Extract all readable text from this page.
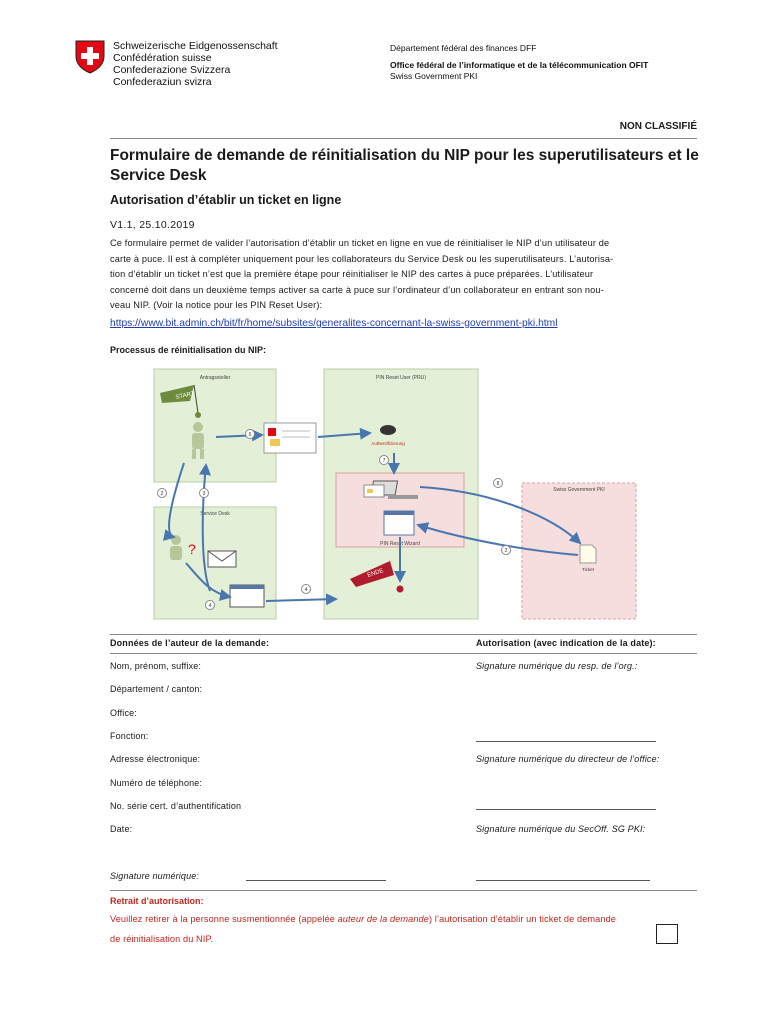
Schweizerische Eidgenossenschaft
Confédération suisse
Confederazione Svizzera
Confederaziun svizra
Département fédéral des finances DFF
Office fédéral de l’informatique et de la télécommunication OFIT
Swiss Government PKI
NON CLASSIFIÉ
Formulaire de demande de réinitialisation du NIP pour les superutilisateurs et le Service Desk
Autorisation d’établir un ticket en ligne
V1.1, 25.10.2019
Ce formulaire permet de valider l’autorisation d’établir un ticket en ligne en vue de réinitialiser le NIP d’un utilisateur de
carte à puce. Il est à compléter uniquement pour les collaborateurs du Service Desk ou les superutilisateurs. L’autorisa-
tion d’établir un ticket n’est que la première étape pour réinitialiser le NIP des cartes à puce préparées. L’utilisateur
concerné doit dans un deuxième temps activer sa carte à puce sur l’ordinateur d’un collaborateur en entrant son nou-
veau NIP. (Voir la notice pour les PIN Reset User):
https://www.bit.admin.ch/bit/fr/home/subsites/generalites-concernant-la-swiss-government-pki.html
Processus de réinitialisation du NIP:
Antragssteller
Service Desk
PIN Reset User (PRU)
PIN Reset Wizard
Swiss Government PKI
START
Authentifizierung
ENDE	Ticket
?
2	3
4
4
6
7
8
2
Données de l’auteur de la demande:	Autorisation (avec indication de la date):
Nom, prénom, suffixe:
Département / canton:
Office:
Fonction:
Adresse électronique:
Numéro de téléphone:
No. série cert. d’authentification
Date:
Signature numérique:
Signature numérique du resp. de l’org.:
Signature numérique du directeur de l’office:
Signature numérique du SecOff. SG PKI:
Retrait d’autorisation:
Veuillez retirer à la personne susmentionnée (appelée auteur de la demande) l’autorisation d’établir un ticket de demande
de réinitialisation du NIP.
